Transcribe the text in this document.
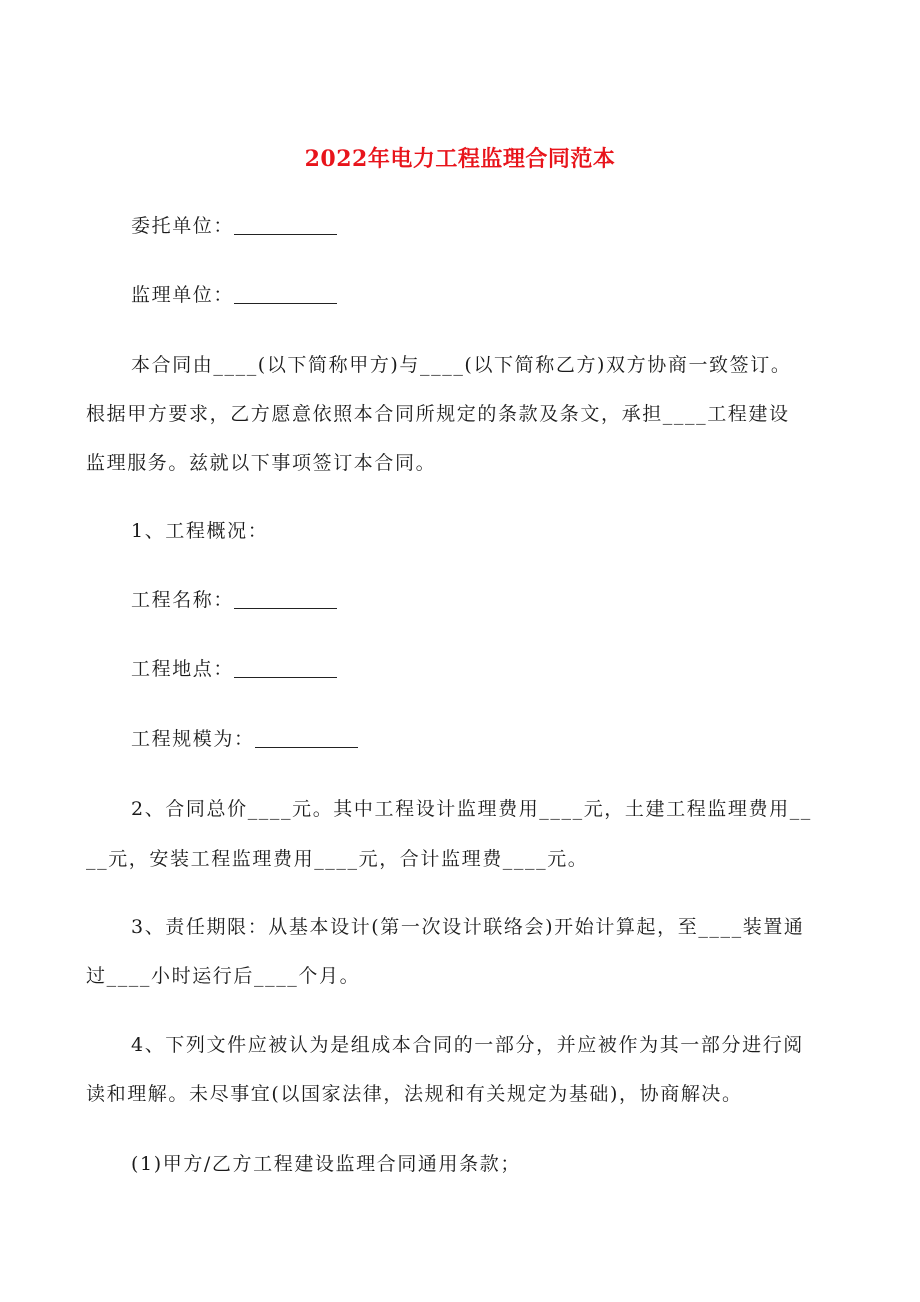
2022年电力工程监理合同范本
委托单位：
监理单位：
本合同由____(以下简称甲方)与____(以下简称乙方)双方协商一致签订。
根据甲方要求，乙方愿意依照本合同所规定的条款及条文，承担____工程建设
监理服务。兹就以下事项签订本合同。
1、工程概况：
工程名称：
工程地点：
工程规模为：
2、合同总价____元。其中工程设计监理费用____元，土建工程监理费用__
__元，安装工程监理费用____元，合计监理费____元。
3、责任期限：从基本设计(第一次设计联络会)开始计算起，至____装置通
过____小时运行后____个月。
4、下列文件应被认为是组成本合同的一部分，并应被作为其一部分进行阅
读和理解。未尽事宜(以国家法律，法规和有关规定为基础)，协商解决。
(1)甲方/乙方工程建设监理合同通用条款；
